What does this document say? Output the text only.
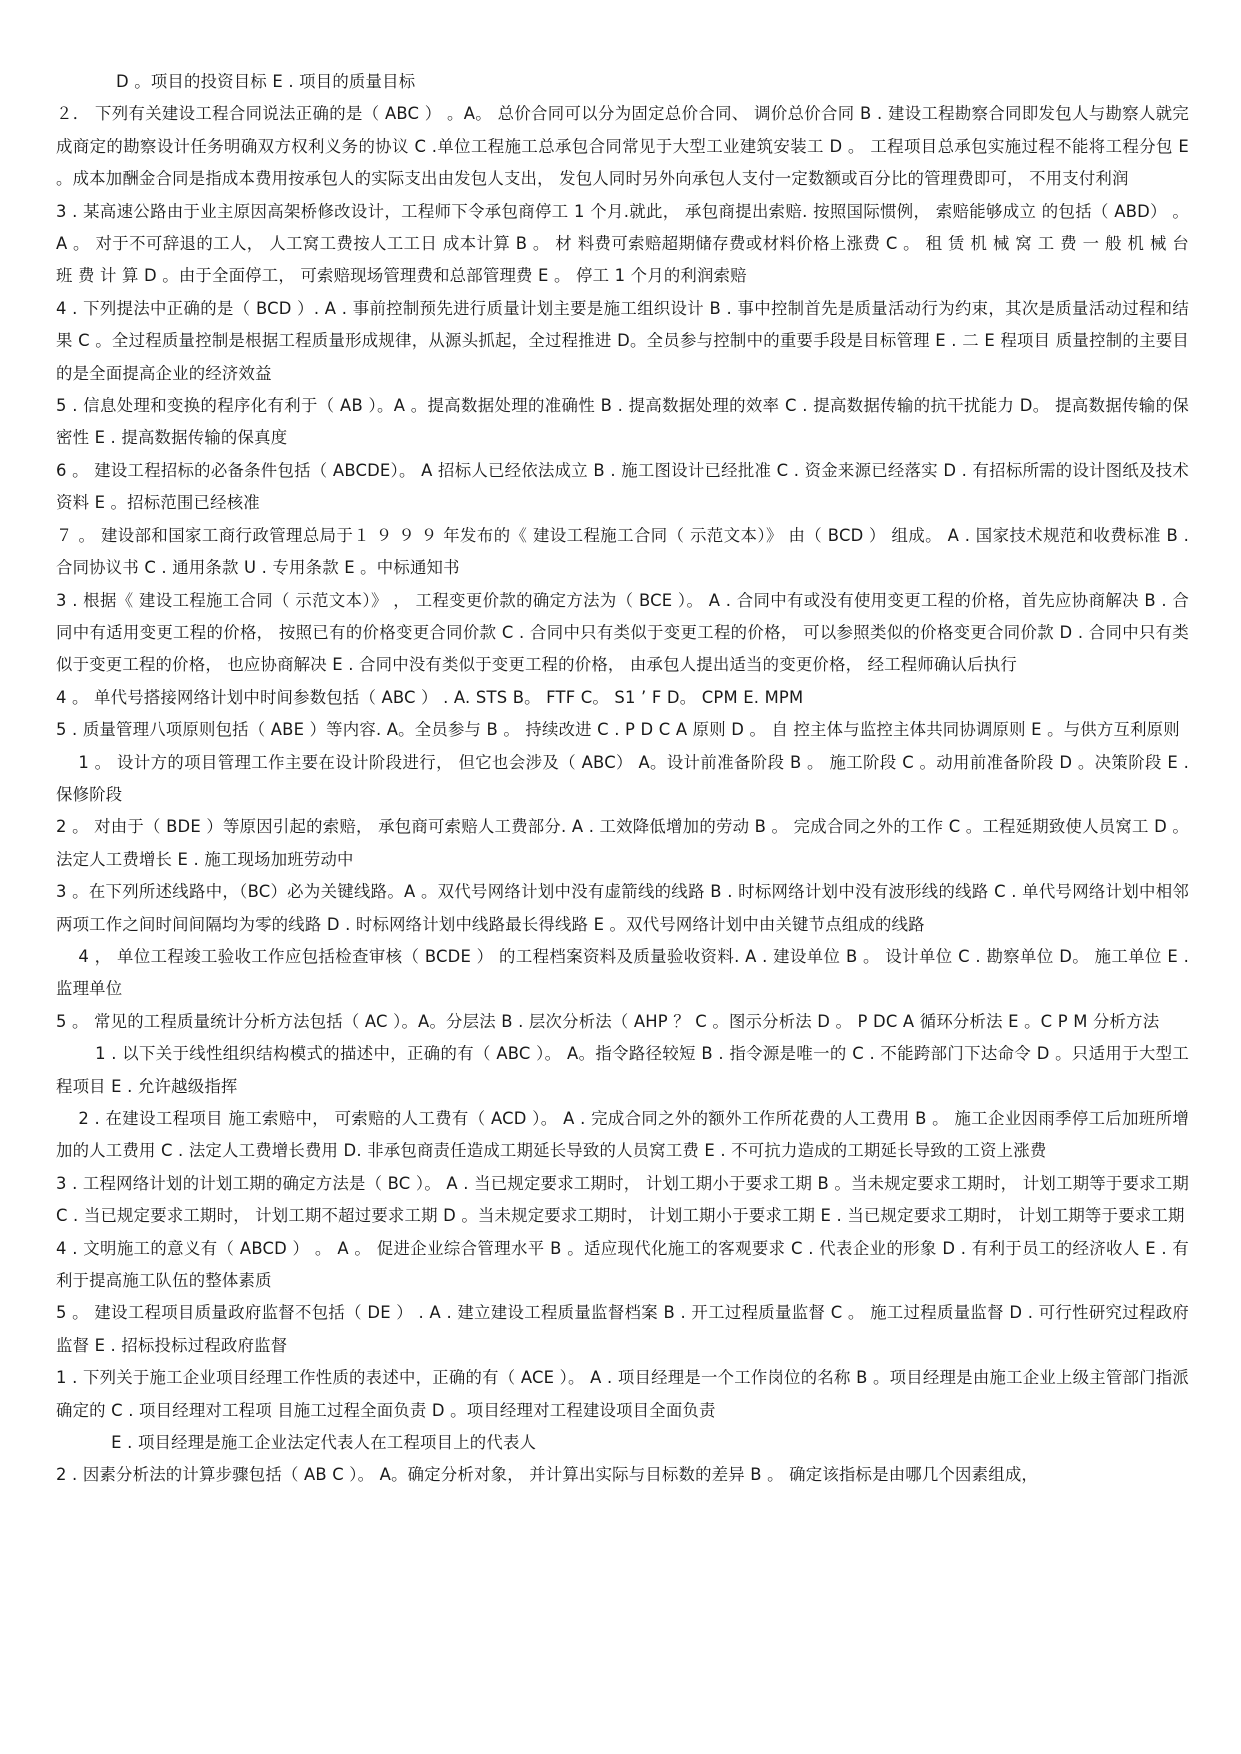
D 。项目的投资目标 E . 项目的质量目标

２． 下列有关建设工程合同说法正确的是（ ABC ） 。A。 总价合同可以分为固定总价合同、 调价总价合同 B . 建设工程勘察合同即发包人与勘察人就完成商定的勘察设计任务明确双方权利义务的协议 C .单位工程施工总承包合同常见于大型工业建筑安装工 D 。 工程项目总承包实施过程不能将工程分包 E 。成本加酬金合同是指成本费用按承包人的实际支出由发包人支出， 发包人同时另外向承包人支付一定数额或百分比的管理费即可， 不用支付利润

3 . 某高速公路由于业主原因高架桥修改设计，工程师下令承包商停工 1 个月.就此， 承包商提出索赔. 按照国际惯例， 索赔能够成立 的包括（ ABD） 。A 。 对于不可辞退的工人， 人工窝工费按人工工日 成本计算 B 。 材 料费可索赔超期储存费或材料价格上涨费 C 。 租 赁 机 械 窝 工 费 一 般 机 械 台 班 费 计 算 D 。由于全面停工， 可索赔现场管理费和总部管理费 E 。 停工 1 个月的利润索赔

4 . 下列提法中正确的是（ BCD ）. A . 事前控制预先进行质量计划主要是施工组织设计 B . 事中控制首先是质量活动行为约束，其次是质量活动过程和结果 C 。全过程质量控制是根据工程质量形成规律，从源头抓起，全过程推进 D。全员参与控制中的重要手段是目标管理 E . 二 E 程项目 质量控制的主要目的是全面提高企业的经济效益

5 . 信息处理和变换的程序化有利于（ AB ）。A 。提高数据处理的准确性 B . 提高数据处理的效率 C . 提高数据传输的抗干扰能力 D。 提高数据传输的保密性 E . 提高数据传输的保真度

6 。 建设工程招标的必备条件包括（ ABCDE）。 A 招标人已经依法成立 B . 施工图设计已经批准 C . 资金来源已经落实 D . 有招标所需的设计图纸及技术资料 E 。招标范围已经核准

７ 。 建设部和国家工商行政管理总局于１ ９ ９ ９ 年发布的《 建设工程施工合同（ 示范文本）》 由（ BCD ） 组成。 A . 国家技术规范和收费标准 B . 合同协议书 C . 通用条款 U . 专用条款 E 。中标通知书

3 . 根据《 建设工程施工合同（ 示范文本）》 ， 工程变更价款的确定方法为（ BCE ）。 A . 合同中有或没有使用变更工程的价格，首先应协商解决 B . 合同中有适用变更工程的价格， 按照已有的价格变更合同价款 C . 合同中只有类似于变更工程的价格， 可以参照类似的价格变更合同价款 D . 合同中只有类似于变更工程的价格， 也应协商解决 E . 合同中没有类似于变更工程的价格， 由承包人提出适当的变更价格， 经工程师确认后执行

4 。 单代号搭接网络计划中时间参数包括（ ABC ） . A. STS B。 FTF C。 S1 ’ F D。 CPM E. MPM

5 . 质量管理八项原则包括（ ABE ）等内容. A。全员参与 B 。 持续改进 C . P D C A 原则 D 。 自 控主体与监控主体共同协调原则 E 。与供方互利原则

　 1 。 设计方的项目管理工作主要在设计阶段进行， 但它也会涉及（ ABC） A。设计前准备阶段 B 。 施工阶段 C 。动用前准备阶段 D 。决策阶段 E . 保修阶段

2 。 对由于（ BDE ）等原因引起的索赔， 承包商可索赔人工费部分. A . 工效降低增加的劳动 B 。 完成合同之外的工作 C 。工程延期致使人员窝工 D 。法定人工费增长 E . 施工现场加班劳动中

3 。在下列所述线路中，（BC）必为关键线路。A 。双代号网络计划中没有虚箭线的线路 B . 时标网络计划中没有波形线的线路 C . 单代号网络计划中相邻两项工作之间时间间隔均为零的线路 D . 时标网络计划中线路最长得线路 E 。双代号网络计划中由关键节点组成的线路

　 4 ， 单位工程竣工验收工作应包括检查审核（ BCDE ） 的工程档案资料及质量验收资料. A . 建设单位 B 。 设计单位 C . 勘察单位 D。 施工单位 E . 监理单位

5 。 常见的工程质量统计分析方法包括（ AC ）。A。分层法 B . 层次分析法（ AHP ？ C 。图示分析法 D 。 P DC A 循环分析法 E 。C P M 分析方法

　　 1 . 以下关于线性组织结构模式的描述中，正确的有（ ABC ）。 A。指令路径较短 B . 指令源是唯一的 C . 不能跨部门下达命令 D 。只适用于大型工程项目 E . 允许越级指挥

　 2 . 在建设工程项目 施工索赔中， 可索赔的人工费有（ ACD ）。 A . 完成合同之外的额外工作所花费的人工费用 B 。 施工企业因雨季停工后加班所增加的人工费用 C . 法定人工费增长费用 D. 非承包商责任造成工期延长导致的人员窝工费 E . 不可抗力造成的工期延长导致的工资上涨费

3 . 工程网络计划的计划工期的确定方法是（ BC ）。 A . 当已规定要求工期时， 计划工期小于要求工期 B 。当未规定要求工期时， 计划工期等于要求工期 C . 当已规定要求工期时， 计划工期不超过要求工期 D 。当未规定要求工期时， 计划工期小于要求工期 E . 当已规定要求工期时， 计划工期等于要求工期

4 . 文明施工的意义有（ ABCD ） 。 A 。 促进企业综合管理水平 B 。适应现代化施工的客观要求 C . 代表企业的形象 D . 有利于员工的经济收人 E . 有利于提高施工队伍的整体素质

5 。 建设工程项目质量政府监督不包括（ DE ） . A . 建立建设工程质量监督档案 B . 开工过程质量监督 C 。 施工过程质量监督 D . 可行性研究过程政府监督 E . 招标投标过程政府监督

1 . 下列关于施工企业项目经理工作性质的表述中，正确的有（ ACE ）。 A . 项目经理是一个工作岗位的名称 B 。项目经理是由施工企业上级主管部门指派确定的 C . 项目经理对工程项 目施工过程全面负责 D 。项目经理对工程建设项目全面负责

　　　 E . 项目经理是施工企业法定代表人在工程项目上的代表人

2 . 因素分析法的计算步骤包括（ AB C ）。 A。确定分析对象， 并计算出实际与目标数的差异 B 。 确定该指标是由哪几个因素组成，
